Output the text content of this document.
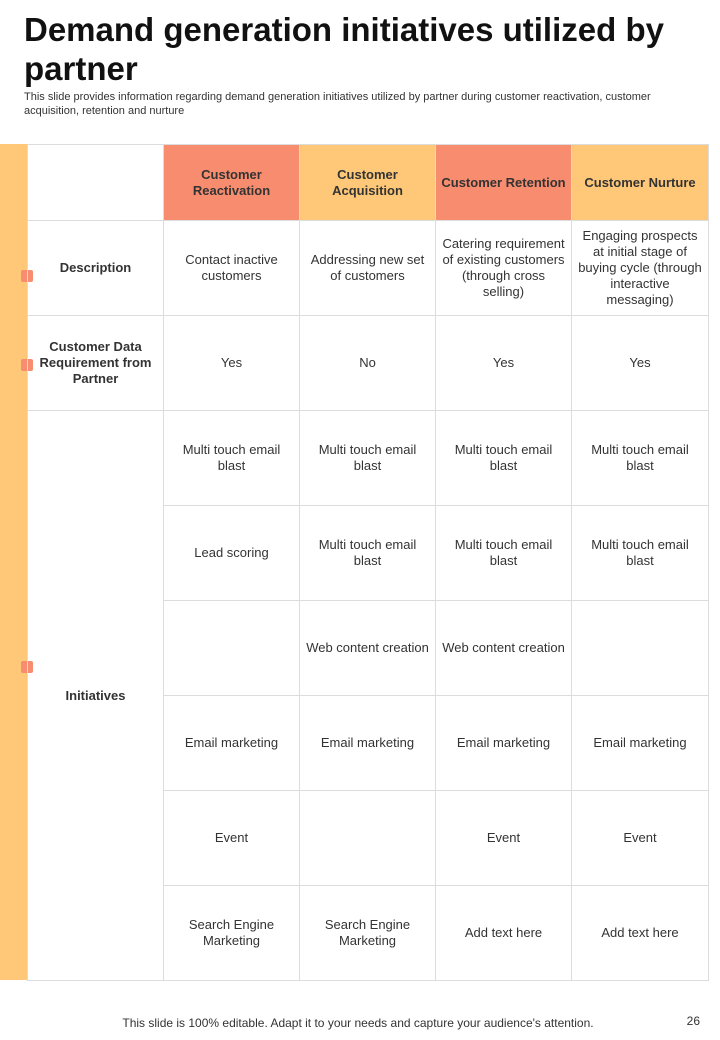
Demand generation initiatives utilized by partner

This slide provides information regarding demand generation initiatives utilized by partner during customer reactivation, customer acquisition, retention and nurture

	Customer Reactivation	Customer Acquisition	Customer Retention	Customer Nurture
Description	Contact inactive customers	Addressing new set of customers	Catering requirement of existing customers (through cross selling)	Engaging prospects at initial stage of buying cycle (through interactive messaging)
Customer Data Requirement from Partner	Yes	No	Yes	Yes
Initiatives	Multi touch email blast	Multi touch email blast	Multi touch email blast	Multi touch email blast
	Lead scoring	Multi touch email blast	Multi touch email blast	Multi touch email blast
		Web content creation	Web content creation	
	Email marketing	Email marketing	Email marketing	Email marketing
	Event		Event	Event
	Search Engine Marketing	Search Engine Marketing	Add text here	Add text here
This slide is 100% editable. Adapt it to your needs and capture your audience's attention.	26
